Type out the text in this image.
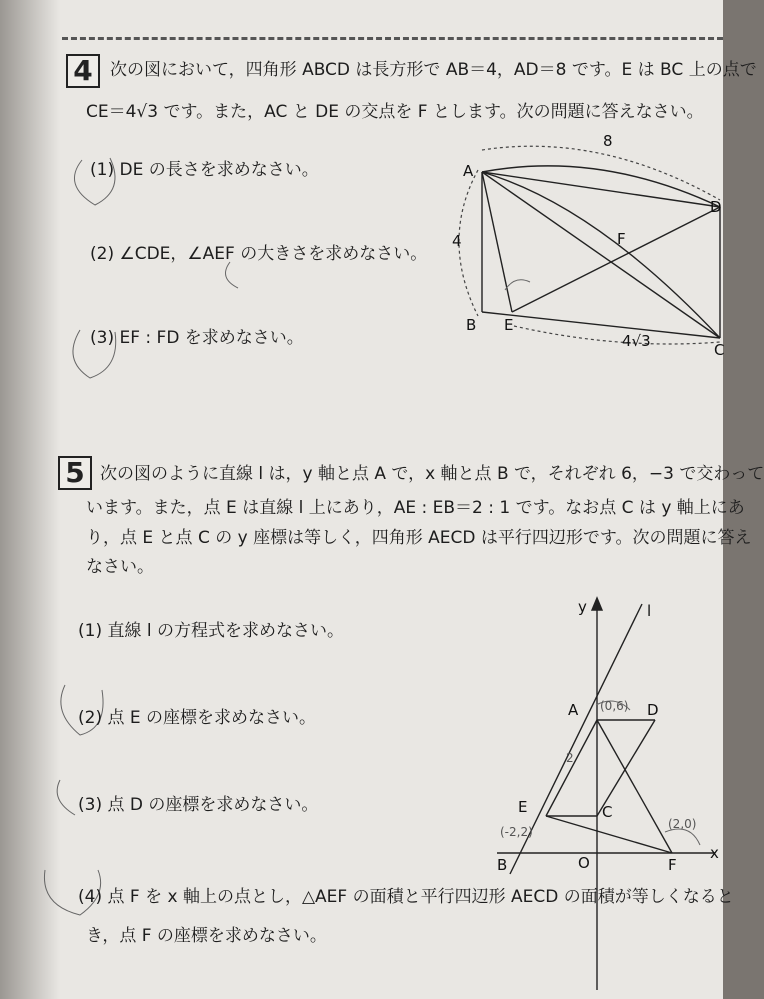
4	次の図において，四角形 ABCD は長方形で AB＝4，AD＝8 です。E は BC 上の点で
CE＝4√3 です。また，AC と DE の交点を F とします。次の問題に答えなさい。
(1) DE の長さを求めなさい。
(2) ∠CDE，∠AEF の大きさを求めなさい。
(3) EF : FD を求めなさい。
A
B E
F
C
D
8
4
4√3
5 次の図のように直線 l は，y 軸と点 A で，x 軸と点 B で，それぞれ 6，−3 で交わって
います。また，点 E は直線 l 上にあり，AE : EB＝2 : 1 です。なお点 C は y 軸上にあ
り，点 E と点 C の y 座標は等しく，四角形 AECD は平行四辺形です。次の問題に答え
なさい。
(1) 直線 l の方程式を求めなさい。
(2) 点 E の座標を求めなさい。
(3) 点 D の座標を求めなさい。
(4) 点 F を x 軸上の点とし，△AEF の面積と平行四辺形 AECD の面積が等しくなると
き，点 F の座標を求めなさい。
y
x
l
A	D
C
E
B	O	F
(0,6)
(-2,2)
(2,0)
2
